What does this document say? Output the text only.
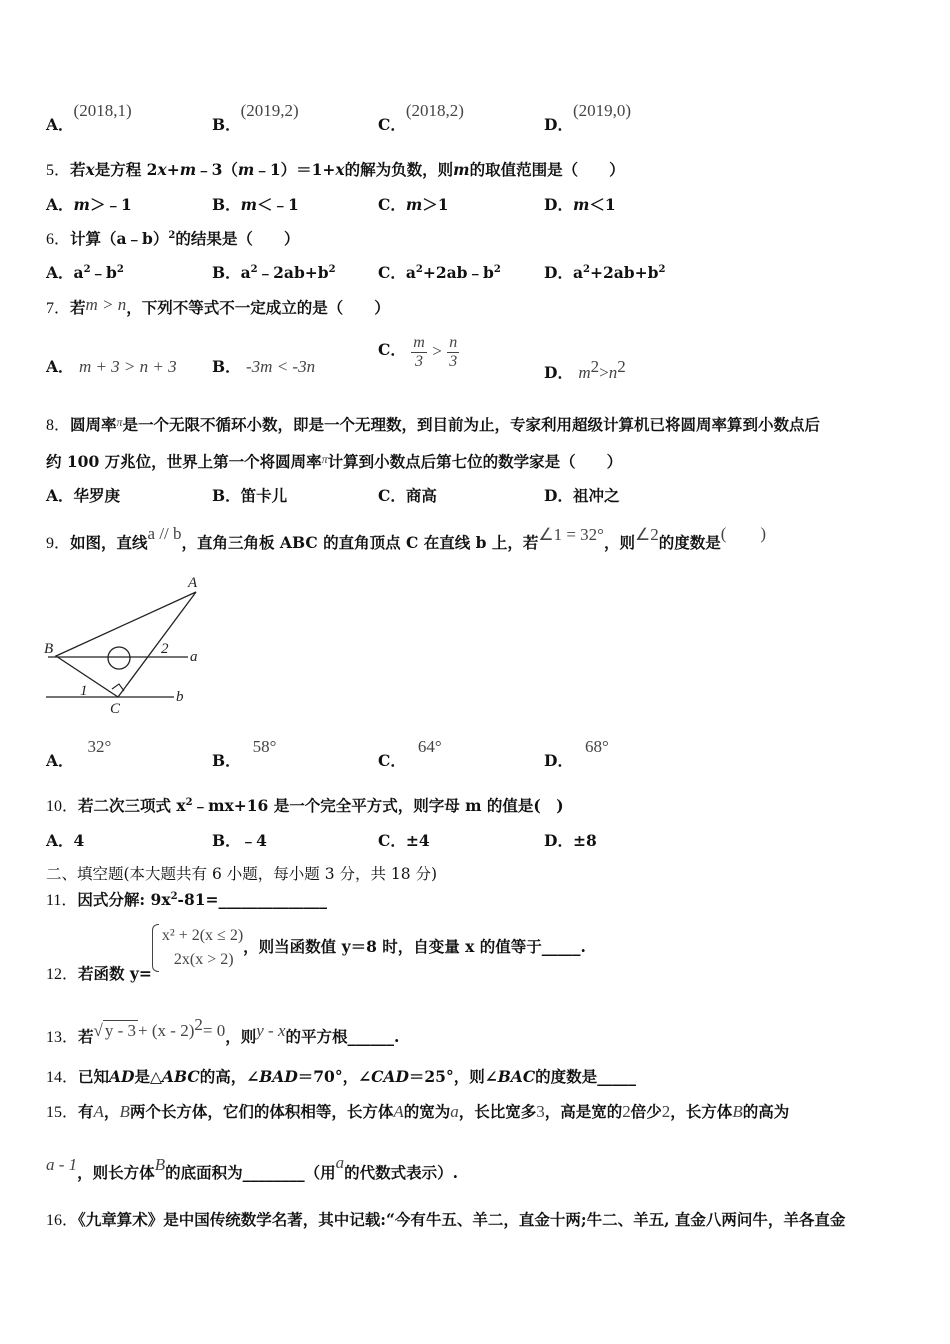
A．(2018,1)
B．(2019,2)
C．(2018,2)
D．(2019,0)
5．若x是方程 2x+m﹣3（m﹣1）＝1+x的解为负数，则m的取值范围是（　　）
A．m＞﹣1	B．m＜﹣1	C．m＞1	D．m＜1
6．计算（a﹣b）$^2$的结果是（　　）
A．$a^2﹣b^2$	B．$a^2﹣2ab+b^2$	C．$a^2+2ab﹣b^2$	D．$a^2+2ab+b^2$
7．若m > n，下列不等式不一定成立的是（　　）
A． m + 3 > n + 3 B． -3m < -3n
C． $\frac{m}{3} > \frac{n}{3}$
D． $m^2>n^2$
8．圆周率$^\pi$是一个无限不循环小数，即是一个无理数，到目前为止，专家利用超级计算机已将圆周率算到小数点后
约 100 万兆位，世界上第一个将圆周率$^\pi$计算到小数点后第七位的数学家是（　　）
A．华罗庚	B．笛卡儿	C．商高	D．祖冲之
9．如图，直线a // b，直角三角板 ABC 的直角顶点 C 在直线 b 上，若∠1 = 32°，则∠2的度数是(　　)
A
B
C
a
b
1
2
A．32°
B．58°
C．64°
D．68°
10．若二次三项式 $x^2﹣mx+16$ 是一个完全平方式，则字母 m 的值是(　)
A．4	B．﹣4	C．±4	D．±8
二、填空题(本大题共有 6 小题，每小题 3 分，共 18 分)
11．因式分解: $9x^2-81=\_\_\_\_\_\_\_\_\_\_\_\_\_\_$
12．若函数 y=
x² + 2(x ≤ 2)
2x(x > 2)
，则当函数值 y＝8 时，自变量 x 的值等于_____.
13．若√ y - 3 + (x - 2)$^2$= 0，则y - x的平方根______.
14．已知AD是△ABC的高，∠BAD＝70°，∠CAD＝25°，则∠BAC的度数是_____
15．有A，B两个长方体，它们的体积相等，长方体A的宽为a，长比宽多3，高是宽的2倍少2，长方体B的高为
a - 1，则长方体B的底面积为________（用a的代数式表示）.
16．《九章算术》是中国传统数学名著，其中记载:“今有牛五、羊二，直金十两;牛二、羊五, 直金八两问牛，羊各直金
